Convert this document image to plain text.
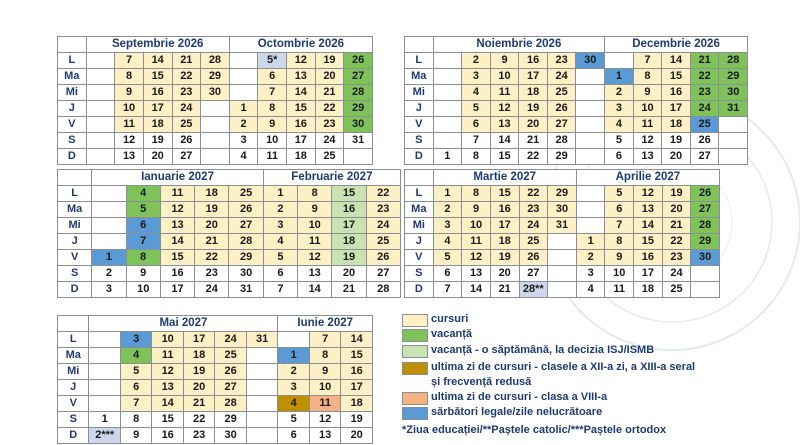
	Septembrie 2026					Octombrie 2026				
L		7	14	21	28		5*	12	19	26
Ma		8	15	22	29		6	13	20	27
Mi		9	16	23	30		7	14	21	28
J		10	17	24		1	8	15	22	29
V		11	18	25		2	9	16	23	30
S		12	19	26		3	10	17	24	31
D		13	20	27		4	11	18	25	
	Noiembrie 2026						Decembrie 2026				
L		2	9	16	23	30		7	14	21	28
Ma		3	10	17	24		1	8	15	22	29
Mi		4	11	18	25		2	9	16	23	30
J		5	12	19	26		3	10	17	24	31
V		6	13	20	27		4	11	18	25	
S		7	14	21	28		5	12	19	26	
D	1	8	15	22	29		6	13	20	27	
	Ianuarie 2027					Februarie 2027			
L		4	11	18	25	1	8	15	22
Ma		5	12	19	26	2	9	16	23
Mi		6	13	20	27	3	10	17	24
J		7	14	21	28	4	11	18	25
V	1	8	15	22	29	5	12	19	26
S	2	9	16	23	30	6	13	20	27
D	3	10	17	24	31	7	14	21	28
	Martie 2027					Aprilie 2027				
L	1	8	15	22	29		5	12	19	26
Ma	2	9	16	23	30		6	13	20	27
Mi	3	10	17	24	31		7	14	21	28
J	4	11	18	25		1	8	15	22	29
V	5	12	19	26		2	9	16	23	30
S	6	13	20	27		3	10	17	24	
D	7	14	21	28**		4	11	18	25	
	Mai 2027						Iunie 2027		
L		3	10	17	24	31		7	14
Ma		4	11	18	25		1	8	15
Mi		5	12	19	26		2	9	16
J		6	13	20	27		3	10	17
V		7	14	21	28		4	11	18
S	1	8	15	22	29		5	12	19
D	2***	9	16	23	30		6	13	20
cursuri
vacanță
vacanță - o săptămână, la decizia ISJ/ISMB
ultima zi de cursuri - clasele a XII-a zi, a XIII-a seral
și frecvență redusă
ultima zi de cursuri - clasa a VIII-a
sărbători legale/zile nelucrătoare
*Ziua educației/**Paștele catolic/***Paștele ortodox
